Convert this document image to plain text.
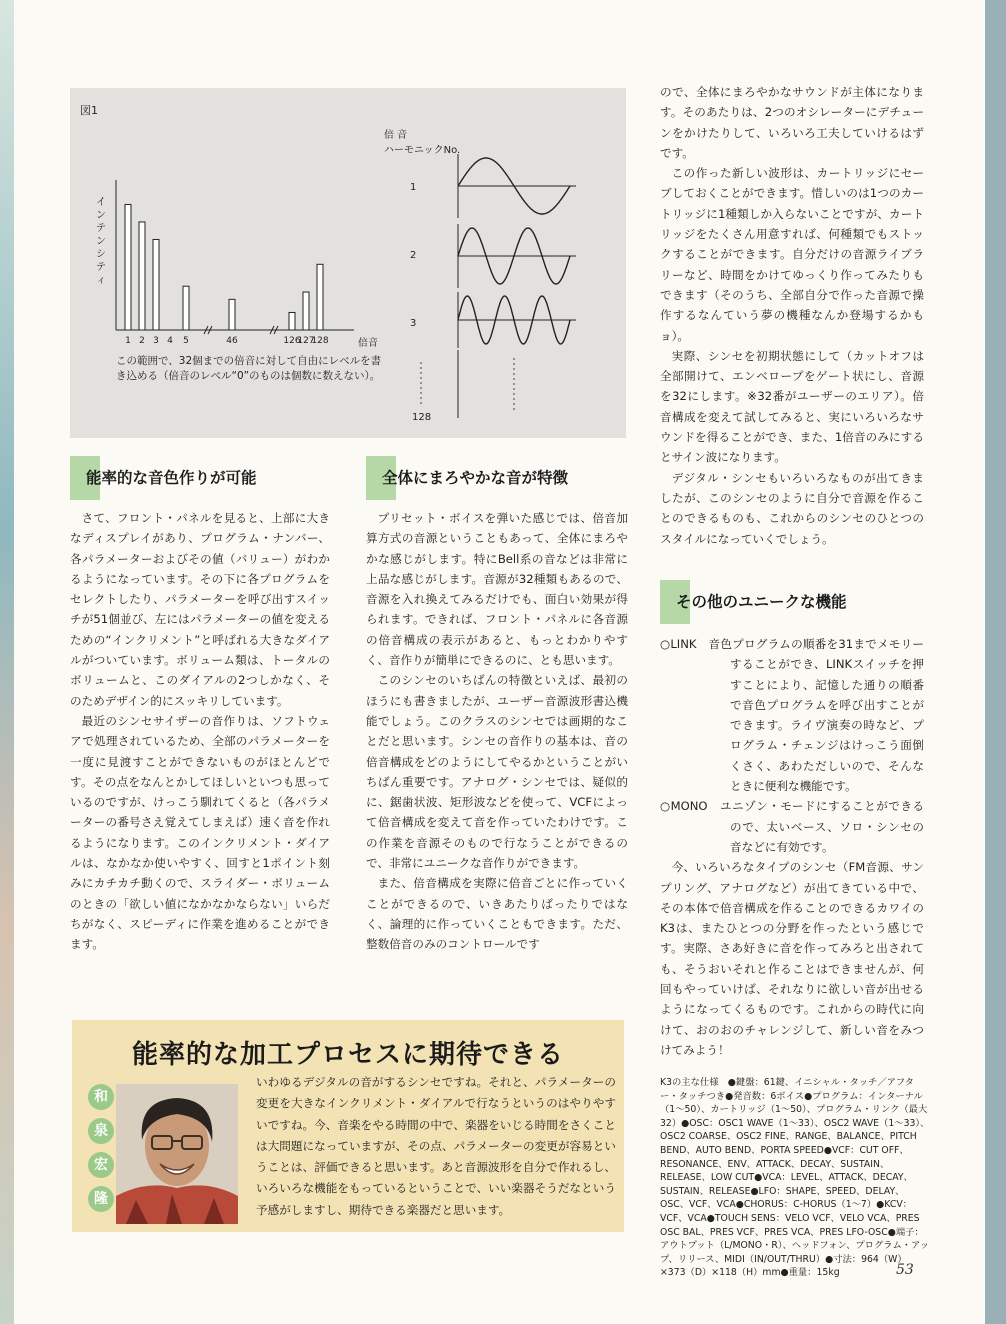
1 2 3 4 5	46	126
127
128
図1
インテンシティ
倍音
倍 音
ハーモニックNo.
1
2
3
128
この範囲で、32個までの倍音に対して自由にレベルを書き込める（倍音のレベル“0”のものは個数に数えない）。
能率的な音色作りが可能

さて、フロント・パネルを見ると、上部に大きなディスプレイがあり、プログラム・ナンバー、各パラメーターおよびその値（バリュー）がわかるようになっています。その下に各プログラムをセレクトしたり、パラメーターを呼び出すスイッチが51個並び、左にはパラメーターの値を変えるための“インクリメント”と呼ばれる大きなダイアルがついています。ボリューム類は、トータルのボリュームと、このダイアルの2つしかなく、そのためデザイン的にスッキリしています。

最近のシンセサイザーの音作りは、ソフトウェアで処理されているため、全部のパラメーターを一度に見渡すことができないものがほとんどです。その点をなんとかしてほしいといつも思っているのですが、けっこう馴れてくると（各パラメーターの番号さえ覚えてしまえば）速く音を作れるようになります。このインクリメント・ダイアルは、なかなか使いやすく、回すと1ポイント刻みにカチカチ動くので、スライダー・ボリュームのときの「欲しい値になかなかならない」いらだちがなく、スピーディに作業を進めることができます。

全体にまろやかな音が特徴

プリセット・ボイスを弾いた感じでは、倍音加算方式の音源ということもあって、全体にまろやかな感じがします。特にBell系の音などは非常に上品な感じがします。音源が32種類もあるので、音源を入れ換えてみるだけでも、面白い効果が得られます。できれば、フロント・パネルに各音源の倍音構成の表示があると、もっとわかりやすく、音作りが簡単にできるのに、とも思います。

このシンセのいちばんの特徴といえば、最初のほうにも書きましたが、ユーザー音源波形書込機能でしょう。このクラスのシンセでは画期的なことだと思います。シンセの音作りの基本は、音の倍音構成をどのようにしてやるかということがいちばん重要です。アナログ・シンセでは、疑似的に、鋸歯状波、矩形波などを使って、VCFによって倍音構成を変えて音を作っていたわけです。この作業を音源そのもので行なうことができるので、非常にユニークな音作りができます。

また、倍音構成を実際に倍音ごとに作っていくことができるので、いきあたりばったりではなく、論理的に作っていくこともできます。ただ、整数倍音のみのコントロールです

ので、全体にまろやかなサウンドが主体になります。そのあたりは、2つのオシレーターにデチューンをかけたりして、いろいろ工夫していけるはずです。

この作った新しい波形は、カートリッジにセーブしておくことができます。惜しいのは1つのカートリッジに1種類しか入らないことですが、カートリッジをたくさん用意すれば、何種類でもストックすることができます。自分だけの音源ライブラリーなど、時間をかけてゆっくり作ってみたりもできます（そのうち、全部自分で作った音源で操作するなんていう夢の機種なんか登場するかもョ）。

実際、シンセを初期状態にして（カットオフは全部開けて、エンベロープをゲート状にし、音源を32にします。※32番がユーザーのエリア）。倍音構成を変えて試してみると、実にいろいろなサウンドを得ることができ、また、1倍音のみにするとサイン波になります。

デジタル・シンセもいろいろなものが出てきましたが、このシンセのように自分で音源を作ることのできるものも、これからのシンセのひとつのスタイルになっていくでしょう。

その他のユニークな機能
○LINK　音色プログラムの順番を31までメモリーすることができ、LINKスイッチを押すことにより、記憶した通りの順番で音色プログラムを呼び出すことができます。ライヴ演奏の時など、プログラム・チェンジはけっこう面倒くさく、あわただしいので、そんなときに便利な機能です。
○MONO　ユニゾン・モードにすることができるので、太いベース、ソロ・シンセの音などに有効です。

今、いろいろなタイプのシンセ（FM音源、サンプリング、アナログなど）が出てきている中で、その本体で倍音構成を作ることのできるカワイのK3は、またひとつの分野を作ったという感じです。実際、さあ好きに音を作ってみろと出されても、そうおいそれと作ることはできませんが、何回もやっていけば、それなりに欲しい音が出せるようになってくるものです。これからの時代に向けて、おのおのチャレンジして、新しい音をみつけてみよう！

能率的な加工プロセスに期待できる
和
泉
宏
隆
いわゆるデジタルの音がするシンセですね。それと、パラメーターの変更を大きなインクリメント・ダイアルで行なうというのはやりやすいですね。今、音楽をやる時間の中で、楽器をいじる時間をさくことは大問題になっていますが、その点、パラメーターの変更が容易ということは、評価できると思います。あと音源波形を自分で作れるし、いろいろな機能をもっているということで、いい楽器そうだなという予感がしますし、期待できる楽器だと思います。
K3の主な仕様　●鍵盤：61鍵、イニシャル・タッチ／アフター・タッチつき●発音数：6ボイス●プログラム：インターナル（1〜50）、カートリッジ（1〜50）、プログラム・リンク（最大32）●OSC：OSC1 WAVE（1〜33）、OSC2 WAVE（1〜33）、OSC2 COARSE、OSC2 FINE、RANGE、BALANCE、PITCH BEND、AUTO BEND、PORTA SPEED●VCF：CUT OFF、RESONANCE、ENV、ATTACK、DECAY、SUSTAIN、RELEASE、LOW CUT●VCA：LEVEL、ATTACK、DECAY、SUSTAIN、RELEASE●LFO：SHAPE、SPEED、DELAY、OSC、VCF、VCA●CHORUS：C-HORUS（1〜7）●KCV：VCF、VCA●TOUCH SENS：VELO VCF、VELO VCA、PRES OSC BAL、PRES VCF、PRES VCA、PRES LFO-OSC●端子：アウトプット（L/MONO・R）、ヘッドフォン、プログラム・アップ、リリース、MIDI（IN/OUT/THRU）●寸法：964（W）×373（D）×118（H）mm●重量：15kg	53
